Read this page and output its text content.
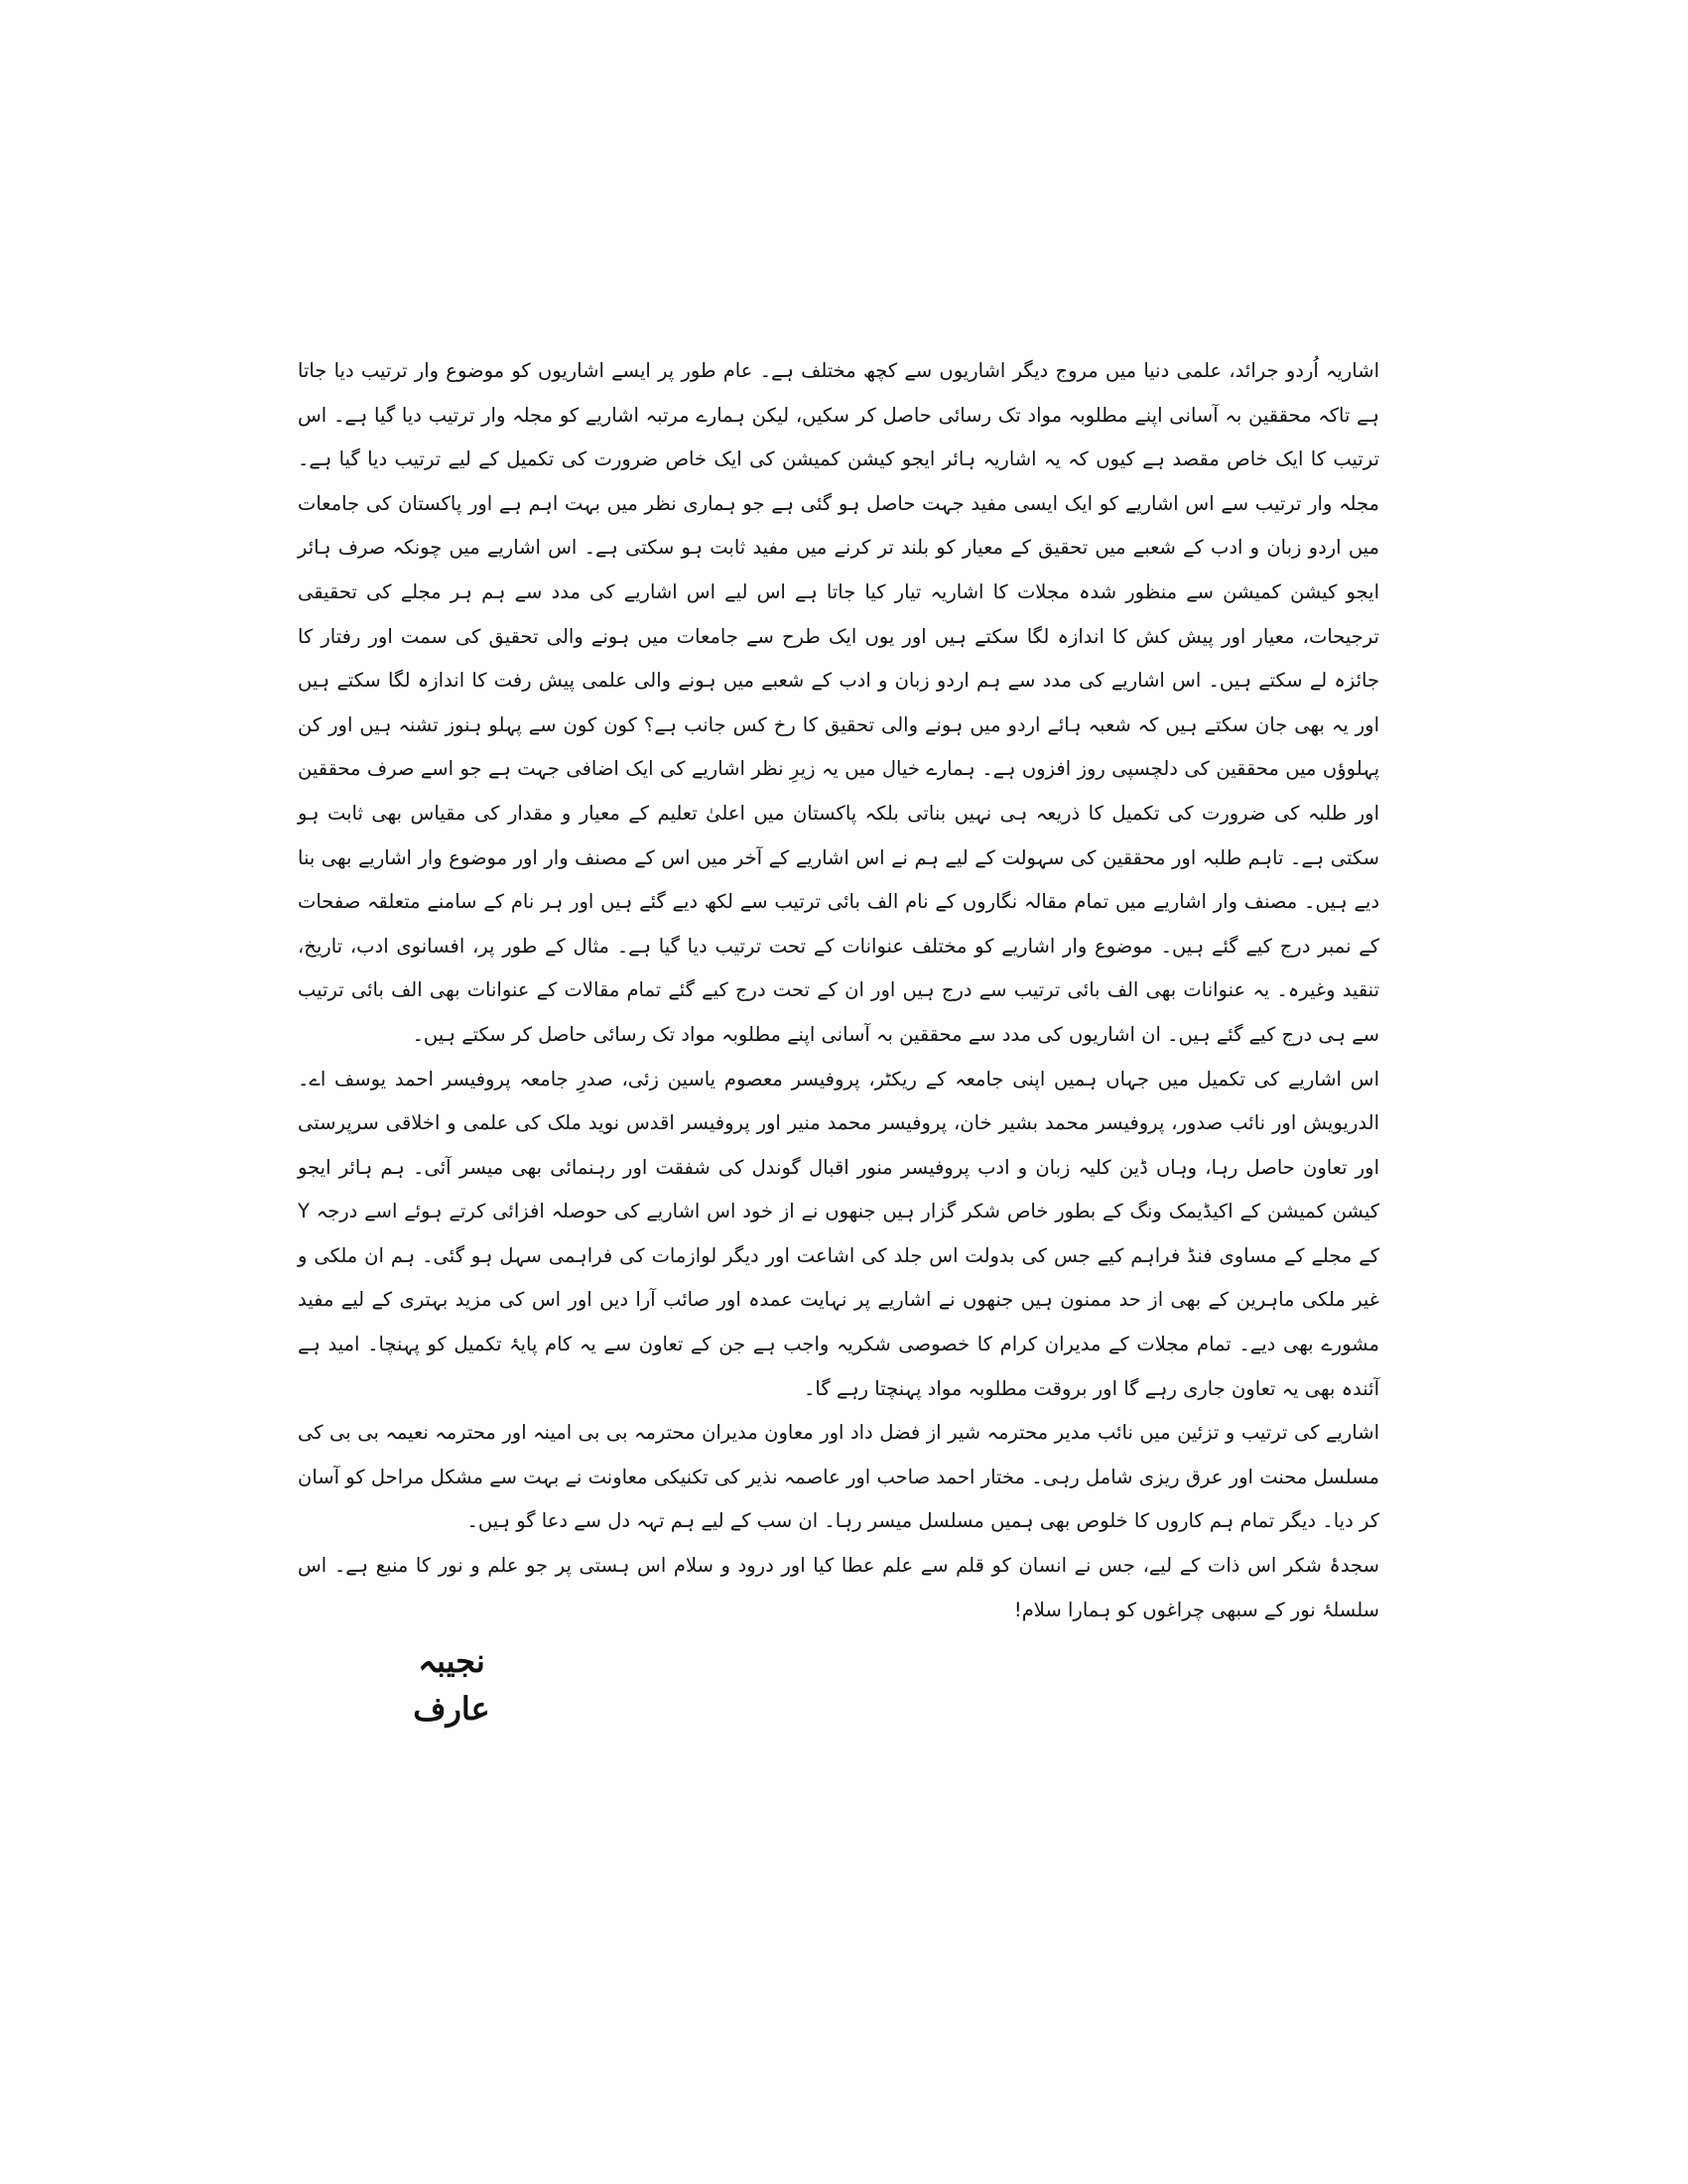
اشاریہ اُردو جرائد، علمی دنیا میں مروج دیگر اشاریوں سے کچھ مختلف ہے۔ عام طور پر ایسے اشاریوں کو موضوع وار ترتیب دیا جاتا ہے تاکہ محققین بہ آسانی اپنے مطلوبہ مواد تک رسائی حاصل کر سکیں، لیکن ہمارے مرتبہ اشاریے کو مجلہ وار ترتیب دیا گیا ہے۔ اس ترتیب کا ایک خاص مقصد ہے کیوں کہ یہ اشاریہ ہائر ایجو کیشن کمیشن کی ایک خاص ضرورت کی تکمیل کے لیے ترتیب دیا گیا ہے۔ مجلہ وار ترتیب سے اس اشاریے کو ایک ایسی مفید جہت حاصل ہو گئی ہے جو ہماری نظر میں بہت اہم ہے اور پاکستان کی جامعات میں اردو زبان و ادب کے شعبے میں تحقیق کے معیار کو بلند تر کرنے میں مفید ثابت ہو سکتی ہے۔ اس اشاریے میں چونکہ صرف ہائر ایجو کیشن کمیشن سے منظور شدہ مجلات کا اشاریہ تیار کیا جاتا ہے اس لیے اس اشاریے کی مدد سے ہم ہر مجلے کی تحقیقی ترجیحات، معیار اور پیش کش کا اندازہ لگا سکتے ہیں اور یوں ایک طرح سے جامعات میں ہونے والی تحقیق کی سمت اور رفتار کا جائزہ لے سکتے ہیں۔ اس اشاریے کی مدد سے ہم اردو زبان و ادب کے شعبے میں ہونے والی علمی پیش رفت کا اندازہ لگا سکتے ہیں اور یہ بھی جان سکتے ہیں کہ شعبہ ہائے اردو میں ہونے والی تحقیق کا رخ کس جانب ہے؟ کون کون سے پہلو ہنوز تشنہ ہیں اور کن پہلوؤں میں محققین کی دلچسپی روز افزوں ہے۔ ہمارے خیال میں یہ زیرِ نظر اشاریے کی ایک اضافی جہت ہے جو اسے صرف محققین اور طلبہ کی ضرورت کی تکمیل کا ذریعہ ہی نہیں بناتی بلکہ پاکستان میں اعلیٰ تعلیم کے معیار و مقدار کی مقیاس بھی ثابت ہو سکتی ہے۔ تاہم طلبہ اور محققین کی سہولت کے لیے ہم نے اس اشاریے کے آخر میں اس کے مصنف وار اور موضوع وار اشاریے بھی بنا دیے ہیں۔ مصنف وار اشاریے میں تمام مقالہ نگاروں کے نام الف بائی ترتیب سے لکھ دیے گئے ہیں اور ہر نام کے سامنے متعلقہ صفحات کے نمبر درج کیے گئے ہیں۔ موضوع وار اشاریے کو مختلف عنوانات کے تحت ترتیب دیا گیا ہے۔ مثال کے طور پر، افسانوی ادب، تاریخ، تنقید وغیرہ۔ یہ عنوانات بھی الف بائی ترتیب سے درج ہیں اور ان کے تحت درج کیے گئے تمام مقالات کے عنوانات بھی الف بائی ترتیب سے ہی درج کیے گئے ہیں۔ ان اشاریوں کی مدد سے محققین بہ آسانی اپنے مطلوبہ مواد تک رسائی حاصل کر سکتے ہیں۔

اس اشاریے کی تکمیل میں جہاں ہمیں اپنی جامعہ کے ریکٹر، پروفیسر معصوم یاسین زئی، صدرِ جامعہ پروفیسر احمد یوسف اے۔ الدریویش اور نائب صدور، پروفیسر محمد بشیر خان، پروفیسر محمد منیر اور پروفیسر اقدس نوید ملک کی علمی و اخلاقی سرپرستی اور تعاون حاصل رہا، وہاں ڈین کلیہ زبان و ادب پروفیسر منور اقبال گوندل کی شفقت اور رہنمائی بھی میسر آئی۔ ہم ہائر ایجو کیشن کمیشن کے اکیڈیمک ونگ کے بطور خاص شکر گزار ہیں جنھوں نے از خود اس اشاریے کی حوصلہ افزائی کرتے ہوئے اسے درجہ Y کے مجلے کے مساوی فنڈ فراہم کیے جس کی بدولت اس جلد کی اشاعت اور دیگر لوازمات کی فراہمی سہل ہو گئی۔ ہم ان ملکی و غیر ملکی ماہرین کے بھی از حد ممنون ہیں جنھوں نے اشاریے پر نہایت عمدہ اور صائب آرا دیں اور اس کی مزید بہتری کے لیے مفید مشورے بھی دیے۔ تمام مجلات کے مدیران کرام کا خصوصی شکریہ واجب ہے جن کے تعاون سے یہ کام پایۂ تکمیل کو پہنچا۔ امید ہے آئندہ بھی یہ تعاون جاری رہے گا اور بروقت مطلوبہ مواد پہنچتا رہے گا۔

اشاریے کی ترتیب و تزئین میں نائب مدیر محترمہ شیر از فضل داد اور معاون مدیران محترمہ بی بی امینہ اور محترمہ نعیمہ بی بی کی مسلسل محنت اور عرق ریزی شامل رہی۔ مختار احمد صاحب اور عاصمہ نذیر کی تکنیکی معاونت نے بہت سے مشکل مراحل کو آسان کر دیا۔ دیگر تمام ہم کاروں کا خلوص بھی ہمیں مسلسل میسر رہا۔ ان سب کے لیے ہم تہہ دل سے دعا گو ہیں۔

سجدۂ شکر اس ذات کے لیے، جس نے انسان کو قلم سے علم عطا کیا اور درود و سلام اس ہستی پر جو علم و نور کا منبع ہے۔ اس سلسلۂ نور کے سبھی چراغوں کو ہمارا سلام!

نجیبہ عارف
